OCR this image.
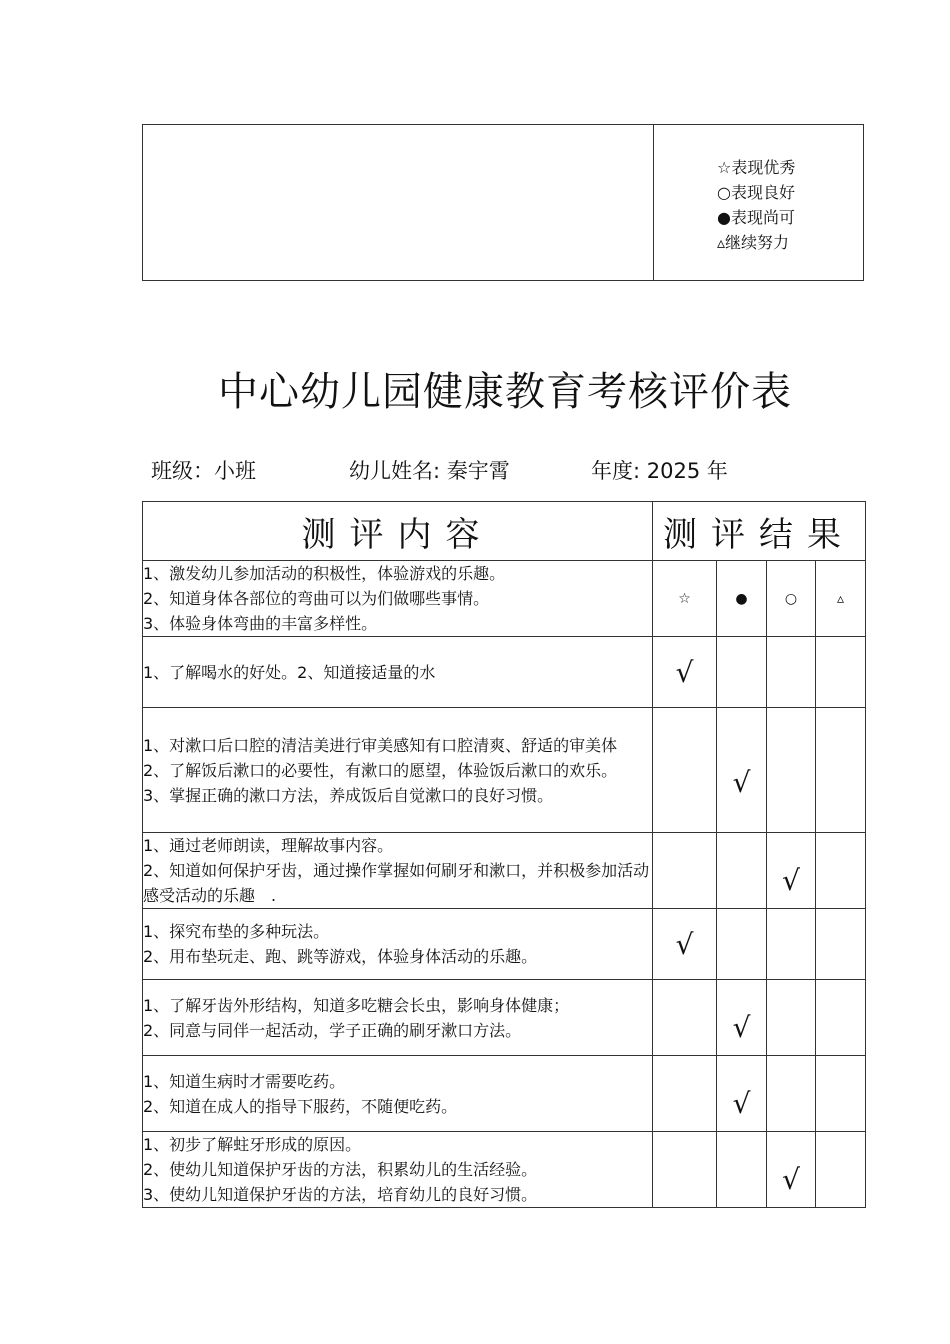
☆表现优秀
○表现良好
●表现尚可
▵继续努力
中心幼儿园健康教育考核评价表
班级：小班	幼儿姓名: 秦宇霄	年度: 2025 年
测评内容	测评结果			

1、激发幼儿参加活动的积极性，体验游戏的乐趣。
2、知道身体各部位的弯曲可以为们做哪些事情。
3、体验身体弯曲的丰富多样性。	☆	●	○	▵

1、了解喝水的好处。2、知道接适量的水	√			

1、对漱口后口腔的清洁美进行审美感知有口腔清爽、舒适的审美体
2、了解饭后漱口的必要性，有漱口的愿望，体验饭后漱口的欢乐。
3、掌握正确的漱口方法，养成饭后自觉漱口的良好习惯。		√		

1、通过老师朗读，理解故事内容。
2、知道如何保护牙齿，通过操作掌握如何刷牙和漱口，并积极参加活动感受活动的乐趣　.			√	

1、探究布垫的多种玩法。
2、用布垫玩走、跑、跳等游戏，体验身体活动的乐趣。	√			

1、了解牙齿外形结构，知道多吃糖会长虫，影响身体健康；
2、同意与同伴一起活动，学子正确的刷牙漱口方法。		√		

1、知道生病时才需要吃药。
2、知道在成人的指导下服药，不随便吃药。		√		

1、初步了解蛀牙形成的原因。
2、使幼儿知道保护牙齿的方法，积累幼儿的生活经验。
3、使幼儿知道保护牙齿的方法，培育幼儿的良好习惯。			√	
